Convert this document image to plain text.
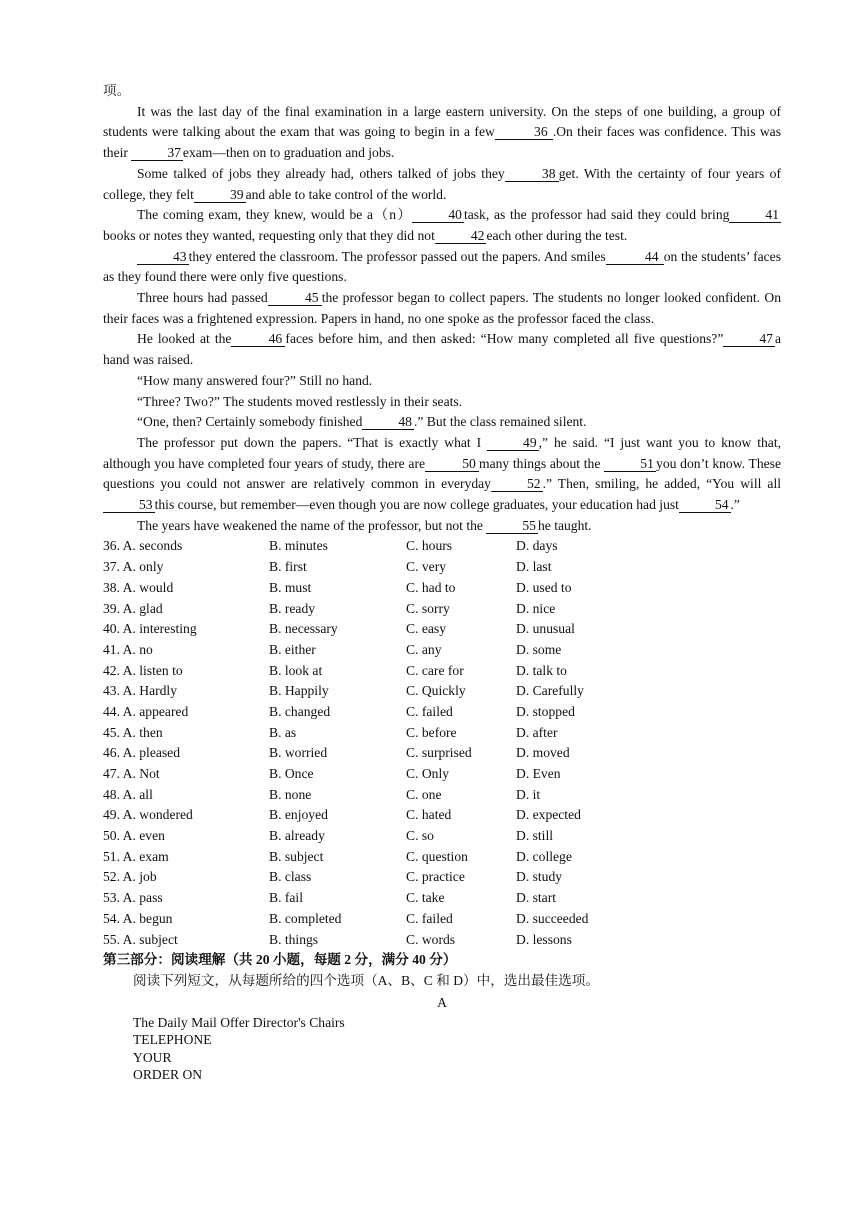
项。

It was the last day of the final examination in a large eastern university. On the steps of one building, a group of students were talking about the exam that was going to begin in a few	36 .On their faces was confidence. This was their	37 exam—then on to graduation and jobs.

Some talked of jobs they already had, others talked of jobs they	38 get. With the certainty of four years of college, they felt	39 and able to take control of the world.

The coming exam, they knew, would be a（n）	40 task, as the professor had said they could bring	41books or notes they wanted, requesting only that they did not	42 each other during the test.

43 they entered the classroom. The professor passed out the papers. And smiles	44 on the students’ faces as they found there were only five questions.

Three hours had passed	45 the professor began to collect papers. The students no longer looked confident. On their faces was a frightened expression. Papers in hand, no one spoke as the professor faced the class.

He looked at the	46 faces before him, and then asked: “How many completed all five questions?”	47 a hand was raised.

“How many answered four?” Still no hand.

“Three? Two?” The students moved restlessly in their seats.

“One, then? Certainly somebody finished	48 .” But the class remained silent.

The professor put down the papers. “That is exactly what I	49 ,” he said. “I just want you to know that, although you have completed four years of study, there are	50 many things about the	51 you don’t know. These questions you could not answer are relatively common in everyday	52 .” Then, smiling, he added, “You will all53 this course, but remember—even though you are now college graduates, your education had just	54 .”

The years have weakened the name of the professor, but not the	55 he taught.

36. A. seconds	B. minutes	C. hours	D. days
37. A. only	B. first	C. very	D. last
38. A. would	B. must	C. had to	D. used to
39. A. glad	B. ready	C. sorry	D. nice
40. A. interesting	B. necessary	C. easy	D. unusual
41. A. no	B. either	C. any	D. some
42. A. listen to	B. look at	C. care for	D. talk to
43. A. Hardly	B. Happily	C. Quickly	D. Carefully
44. A. appeared	B. changed	C. failed	D. stopped
45. A. then	B. as	C. before	D. after
46. A. pleased	B. worried	C. surprised	D. moved
47. A. Not	B. Once	C. Only	D. Even
48. A. all	B. none	C. one	D. it
49. A. wondered	B. enjoyed	C. hated	D. expected
50. A. even	B. already	C. so	D. still
51. A. exam	B. subject	C. question	D. college
52. A. job	B. class	C. practice	D. study
53. A. pass	B. fail	C. take	D. start
54. A. begun	B. completed	C. failed	D. succeeded
55. A. subject	B. things	C. words	D. lessons
第三部分：阅读理解（共 20 小题，每题 2 分，满分 40 分）
阅读下列短文，从每题所给的四个选项（A、B、C 和 D）中，选出最佳选项。
A
The Daily Mail Offer Director's Chairs
TELEPHONE
YOUR
ORDER ON
